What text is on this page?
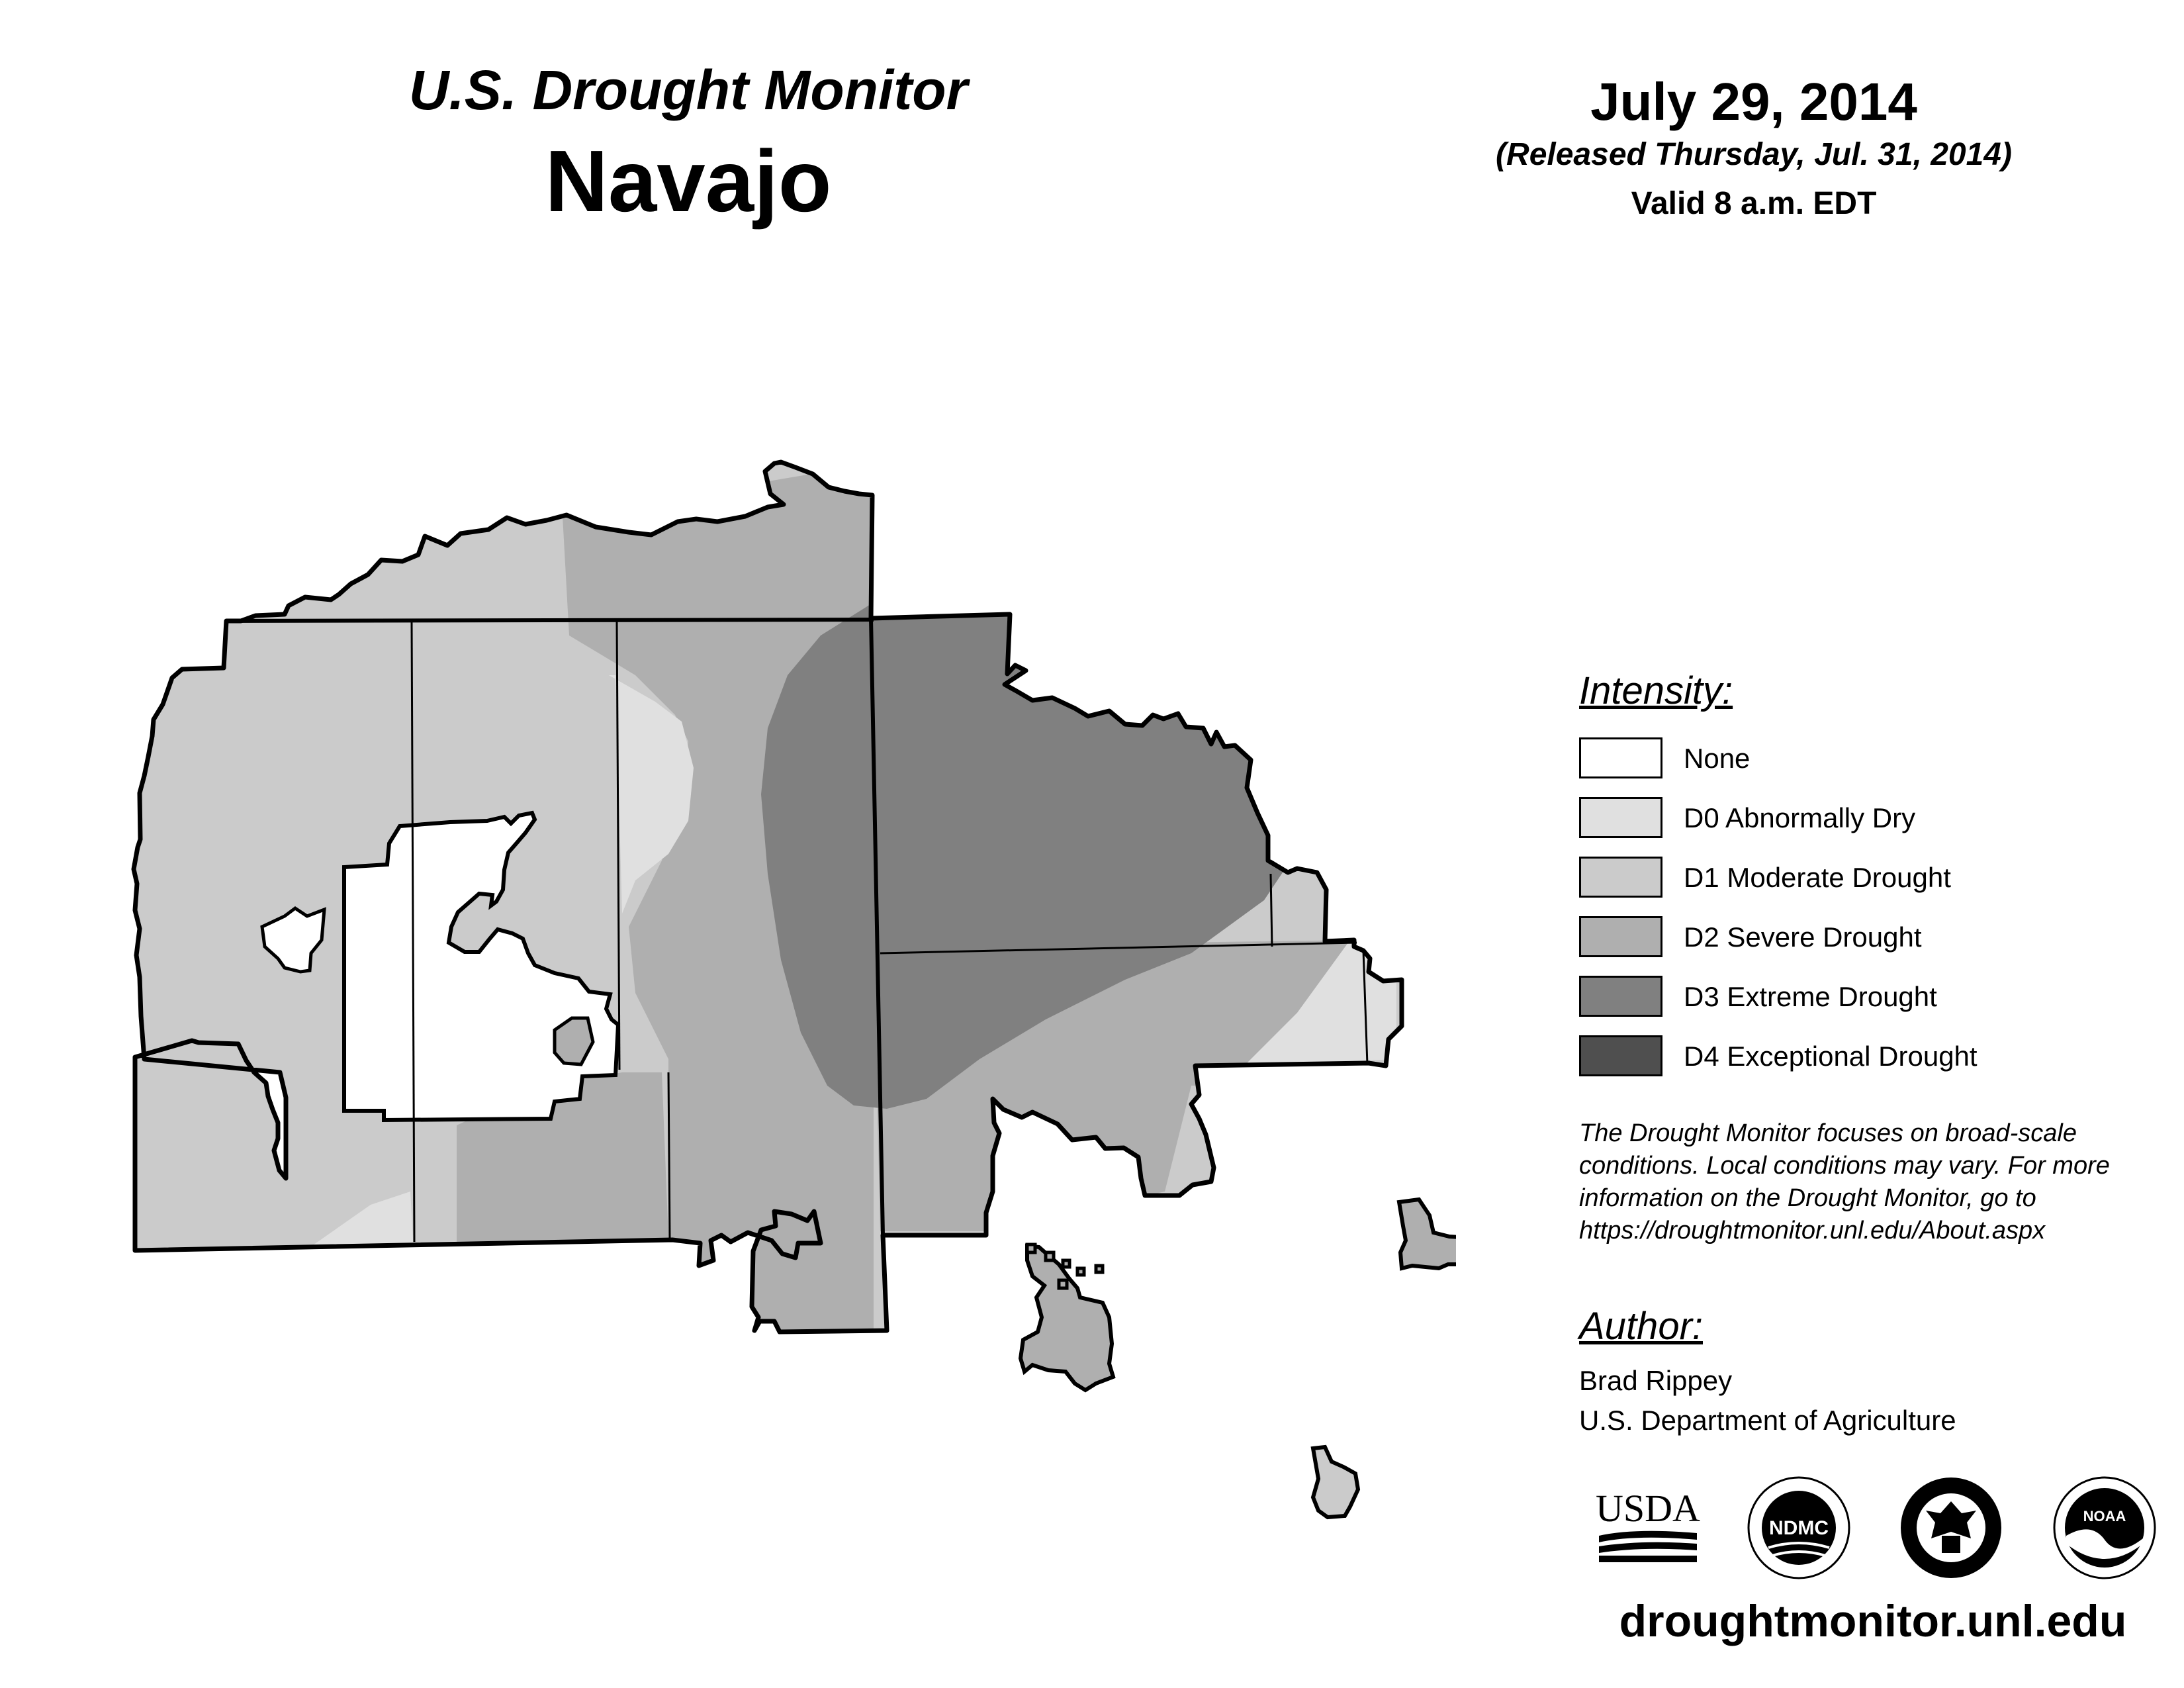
U.S. Drought Monitor
Navajo
July 29, 2014
(Released Thursday, Jul. 31, 2014)
Valid 8 a.m. EDT
Intensity:
None
D0 Abnormally Dry
D1 Moderate Drought
D2 Severe Drought
D3 Extreme Drought
D4 Exceptional Drought
The Drought Monitor focuses on broad-scale
conditions. Local conditions may vary. For more
information on the Drought Monitor, go to
https://droughtmonitor.unl.edu/About.aspx
Author:
Brad Rippey
U.S. Department of Agriculture
USDA	NDMC
NOAA
droughtmonitor.unl.edu
